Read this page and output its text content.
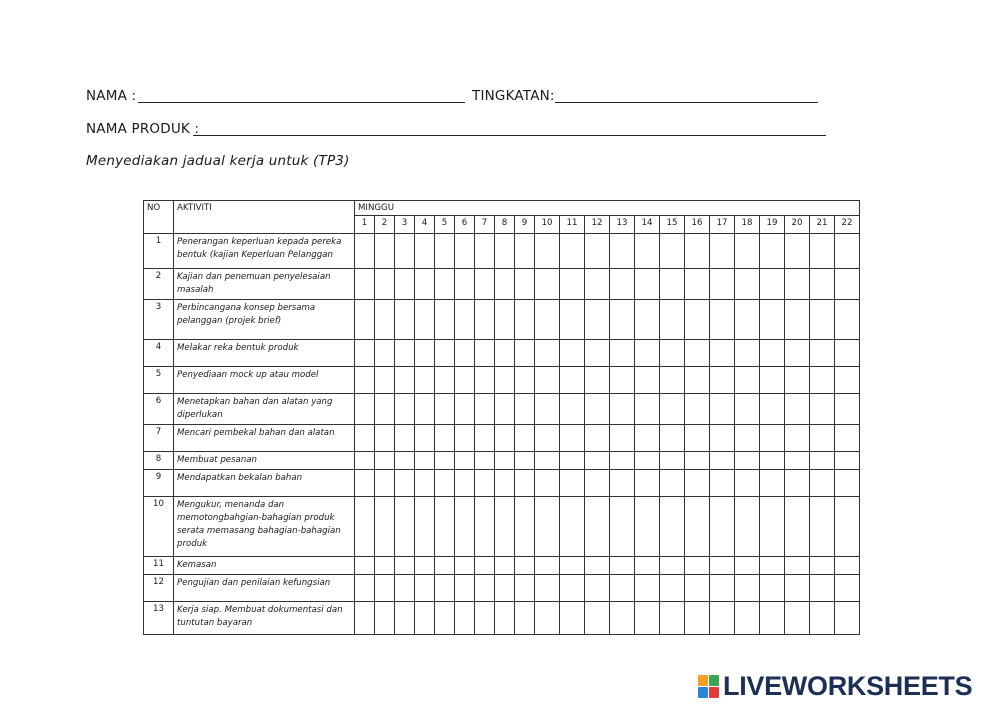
NAMA :	TINGKATAN:
NAMA PRODUK :
Menyediakan jadual kerja untuk (TP3)
NO	AKTIVITI	MINGGU																					
		1	2	3	4	5	6	7	8	9	10	11	12	13	14	15	16	17	18	19	20	21	22
1	Penerangan keperluan kepada pereka bentuk (kajian Keperluan Pelanggan																						
2	Kajian dan penemuan penyelesaian masalah																						
3	Perbincangana konsep bersama pelanggan (projek brief)																						
4	Melakar reka bentuk produk																						
5	Penyediaan mock up atau model																						
6	Menetapkan bahan dan alatan yang diperlukan																						
7	Mencari pembekal bahan dan alatan																						
8	Membuat pesanan																						
9	Mendapatkan bekalan bahan																						
10	Mengukur, menanda dan memotongbahgian-bahagian produk serata memasang bahagian-bahagian produk																						
11	Kemasan																						
12	Pengujian dan penilaian kefungsian																						
13	Kerja siap. Membuat dokumentasi dan tuntutan bayaran																						
LIVEWORKSHEETS
